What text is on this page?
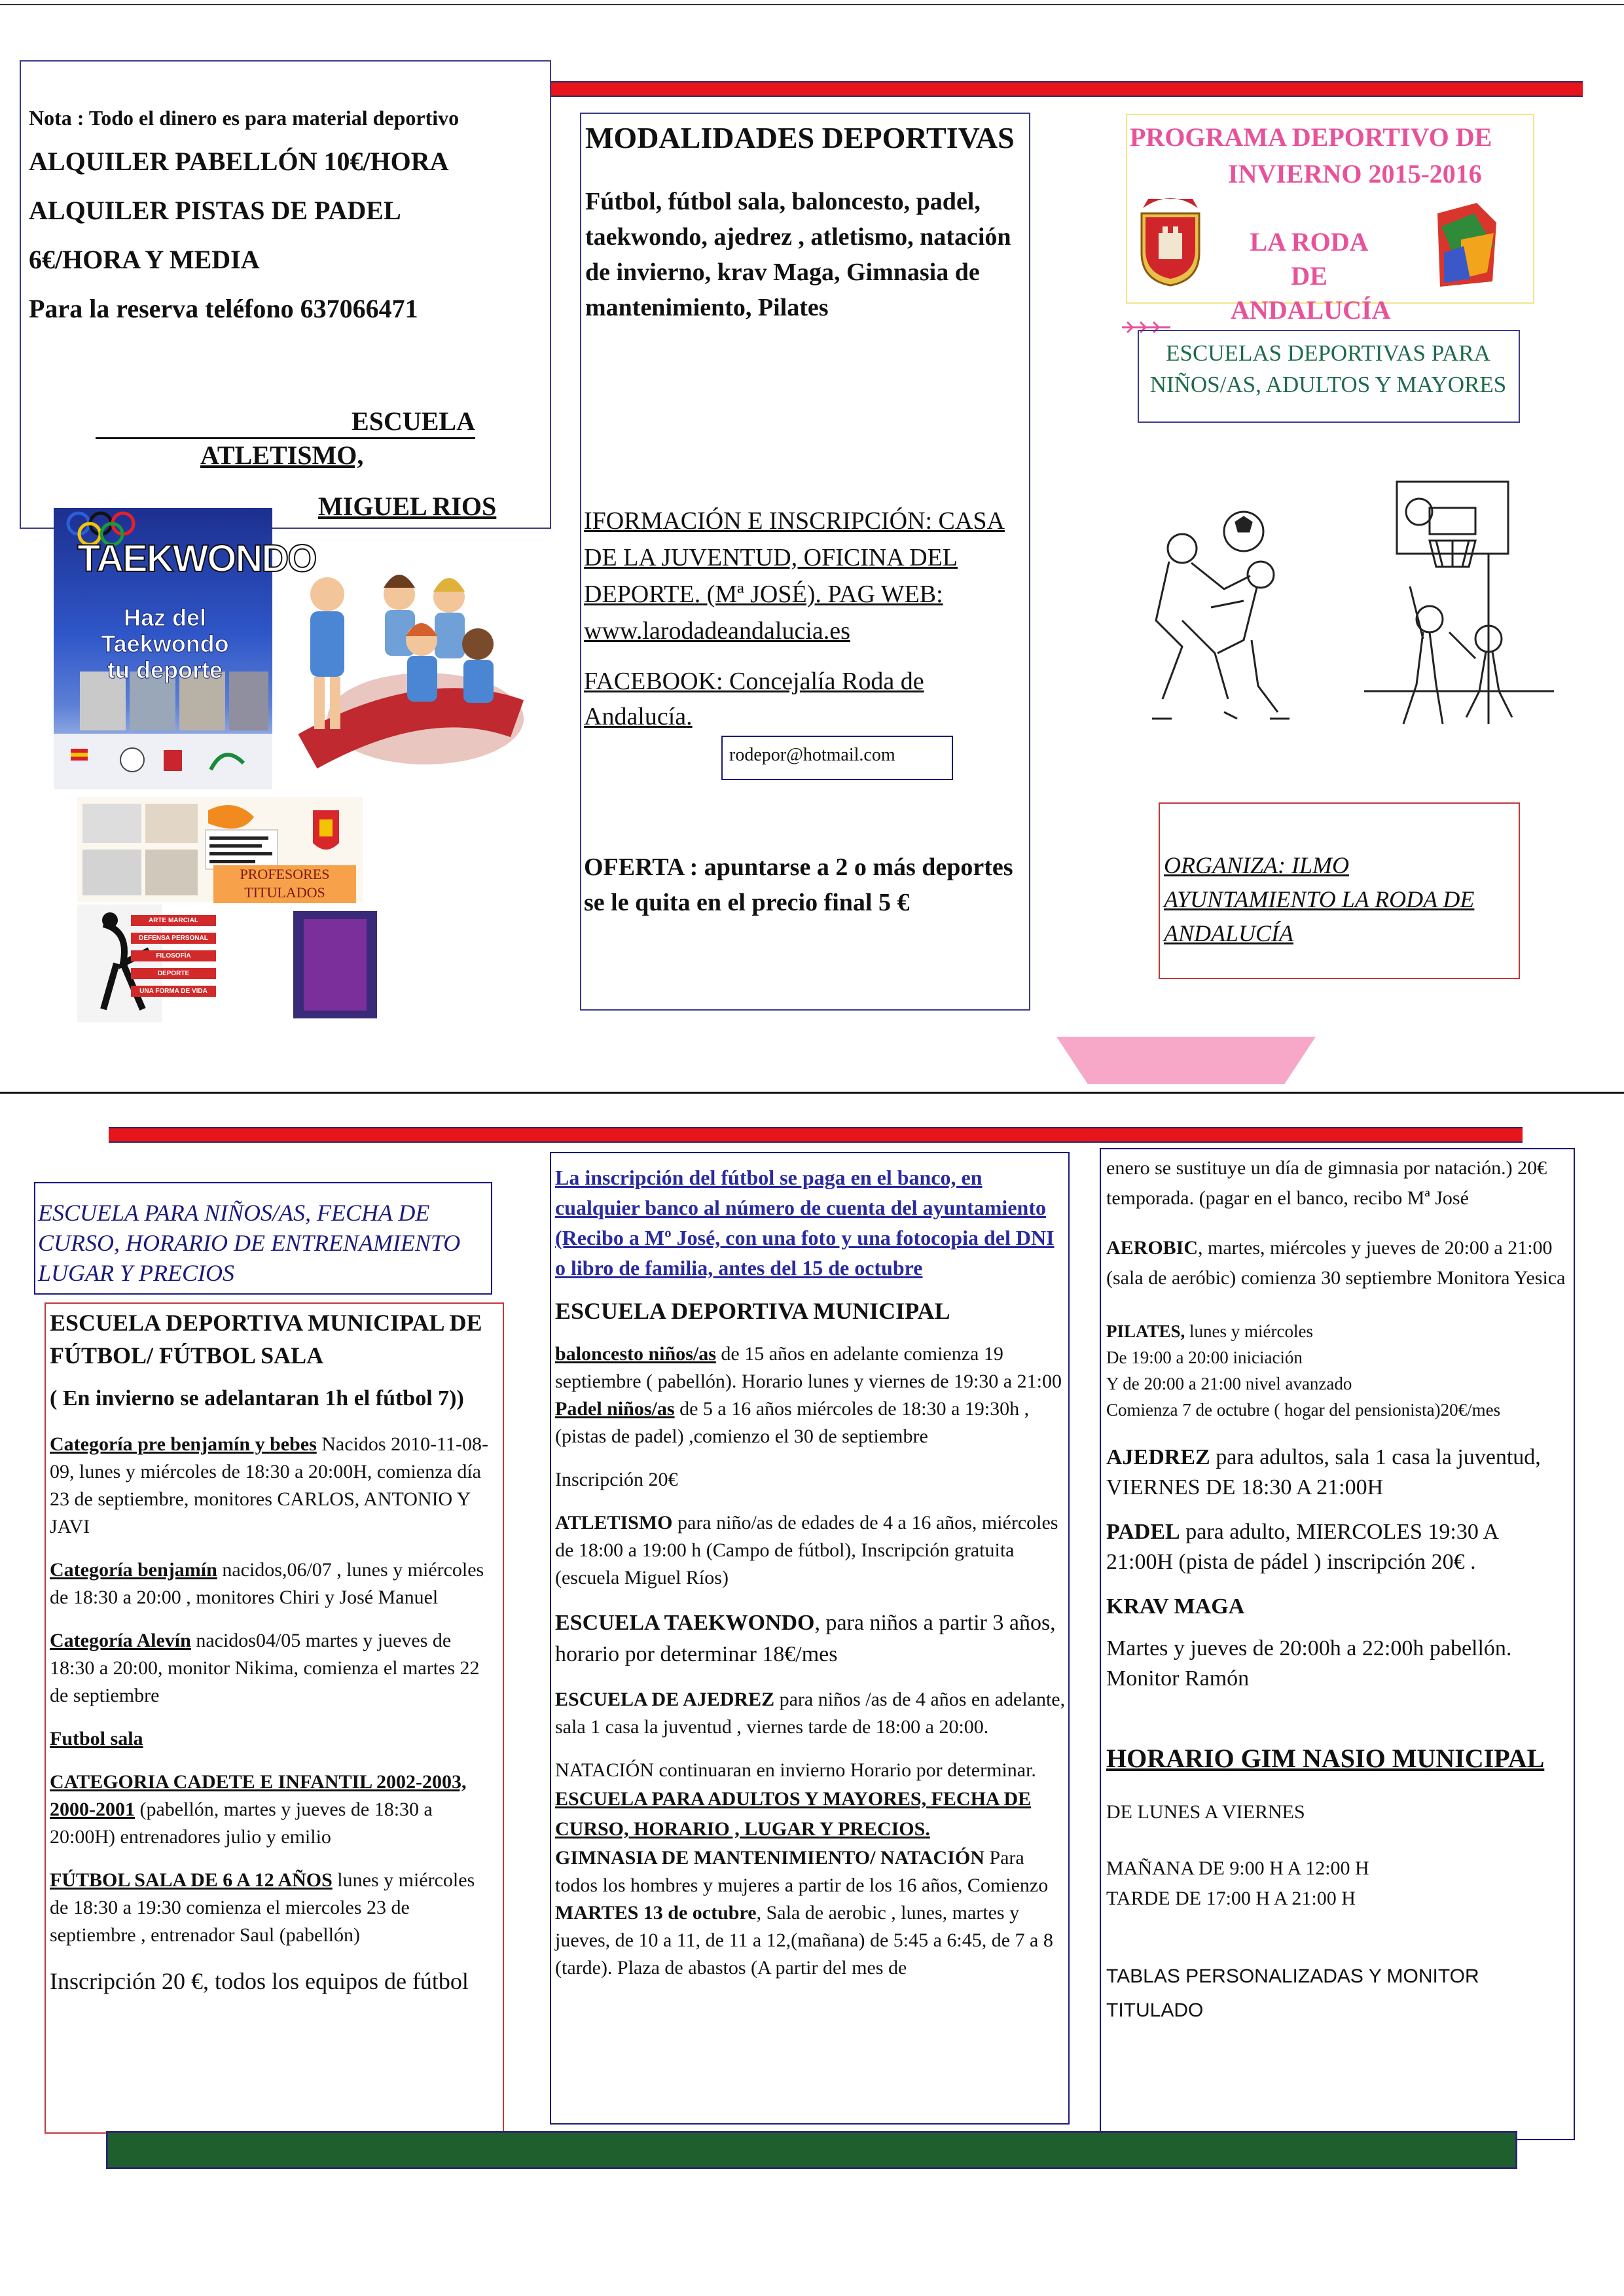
Nota : Todo el dinero es para material deportivo

ALQUILER PABELLÓN 10€/HORA

ALQUILER PISTAS DE PADEL

6€/HORA Y MEDIA

Para la reserva teléfono 637066471

ESCUELA
ATLETISMO,
MIGUEL RIOS
TAEKWONDO
Haz del Taekwondo
tu deporte
PROFESORES
TITULADOS
ARTE MARCIAL
DEFENSA PERSONAL
FILOSOFÍA
DEPORTE
UNA FORMA DE VIDA

MODALIDADES DEPORTIVAS

Fútbol, fútbol sala, baloncesto, padel, taekwondo, ajedrez , atletismo, natación de invierno, krav Maga, Gimnasia de mantenimiento, Pilates

IFORMACIÓN E INSCRIPCIÓN: CASA DE LA JUVENTUD, OFICINA DEL DEPORTE. (Mª JOSÉ). PAG WEB: www.larodadeandalucia.es
FACEBOOK: Concejalía Roda de Andalucía.
rodepor@hotmail.com
OFERTA : apuntarse a 2 o más deportes se le quita en el precio final 5 €
PROGRAMA DEPORTIVO DE
INVIERNO 2015-2016
LA RODA DE
ANDALUCÍA
ESCUELAS DEPORTIVAS PARA NIÑOS/AS, ADULTOS Y MAYORES
ORGANIZA: ILMO AYUNTAMIENTO LA RODA DE ANDALUCÍA
ESCUELA PARA NIÑOS/AS, FECHA DE CURSO, HORARIO DE ENTRENAMIENTO LUGAR Y PRECIOS

ESCUELA DEPORTIVA MUNICIPAL DE FÚTBOL/ FÚTBOL SALA

( En invierno se adelantaran 1h el fútbol 7))

Categoría pre benjamín y bebes Nacidos 2010-11-08-09, lunes y miércoles de 18:30 a 20:00H, comienza día 23 de septiembre, monitores CARLOS, ANTONIO Y JAVI

Categoría benjamín nacidos,06/07 , lunes y miércoles de 18:30 a 20:00 , monitores Chiri y José Manuel

Categoría Alevín nacidos04/05 martes y jueves de 18:30 a 20:00, monitor Nikima, comienza el martes 22 de septiembre

Futbol sala

CATEGORIA CADETE E INFANTIL 2002-2003, 2000-2001 (pabellón, martes y jueves de 18:30 a 20:00H) entrenadores julio y emilio

FÚTBOL SALA DE 6 A 12 AÑOS lunes y miércoles de 18:30 a 19:30 comienza el miercoles 23 de septiembre , entrenador Saul (pabellón)

Inscripción 20 €, todos los equipos de fútbol

La inscripción del fútbol se paga en el banco, en cualquier banco al número de cuenta del ayuntamiento (Recibo a Mº José, con una foto y una fotocopia del DNI o libro de familia, antes del 15 de octubre

ESCUELA DEPORTIVA MUNICIPAL

baloncesto niños/as de 15 años en adelante comienza 19 septiembre ( pabellón). Horario lunes y viernes de 19:30 a 21:00 Padel niños/as de 5 a 16 años miércoles de 18:30 a 19:30h ,(pistas de padel) ,comienzo el 30 de septiembre

Inscripción 20€

ATLETISMO para niño/as de edades de 4 a 16 años, miércoles de 18:00 a 19:00 h (Campo de fútbol), Inscripción gratuita (escuela Miguel Ríos)

ESCUELA TAEKWONDO, para niños a partir 3 años, horario por determinar 18€/mes

ESCUELA DE AJEDREZ para niños /as de 4 años en adelante, sala 1 casa la juventud , viernes tarde de 18:00 a 20:00.

NATACIÓN continuaran en invierno Horario por determinar.

ESCUELA PARA ADULTOS Y MAYORES, FECHA DE CURSO, HORARIO , LUGAR Y PRECIOS.

GIMNASIA DE MANTENIMIENTO/ NATACIÓN Para todos los hombres y mujeres a partir de los 16 años, Comienzo MARTES 13 de octubre, Sala de aerobic , lunes, martes y jueves, de 10 a 11, de 11 a 12,(mañana) de 5:45 a 6:45, de 7 a 8 (tarde). Plaza de abastos (A partir del mes de

enero se sustituye un día de gimnasia por natación.) 20€ temporada. (pagar en el banco, recibo Mª José

AEROBIC, martes, miércoles y jueves de 20:00 a 21:00 (sala de aeróbic) comienza 30 septiembre Monitora Yesica

PILATES, lunes y miércoles

De 19:00 a 20:00 iniciación

Y de 20:00 a 21:00 nivel avanzado

Comienza 7 de octubre ( hogar del pensionista)20€/mes

AJEDREZ para adultos, sala 1 casa la juventud, VIERNES DE 18:30 A 21:00H

PADEL para adulto, MIERCOLES 19:30 A 21:00H (pista de pádel ) inscripción 20€ .

KRAV MAGA

Martes y jueves de 20:00h a 22:00h pabellón. Monitor Ramón

HORARIO GIM NASIO MUNICIPAL

DE LUNES A VIERNES

MAÑANA DE 9:00 H A 12:00 H

TARDE DE 17:00 H A 21:00 H

TABLAS PERSONALIZADAS Y MONITOR TITULADO
